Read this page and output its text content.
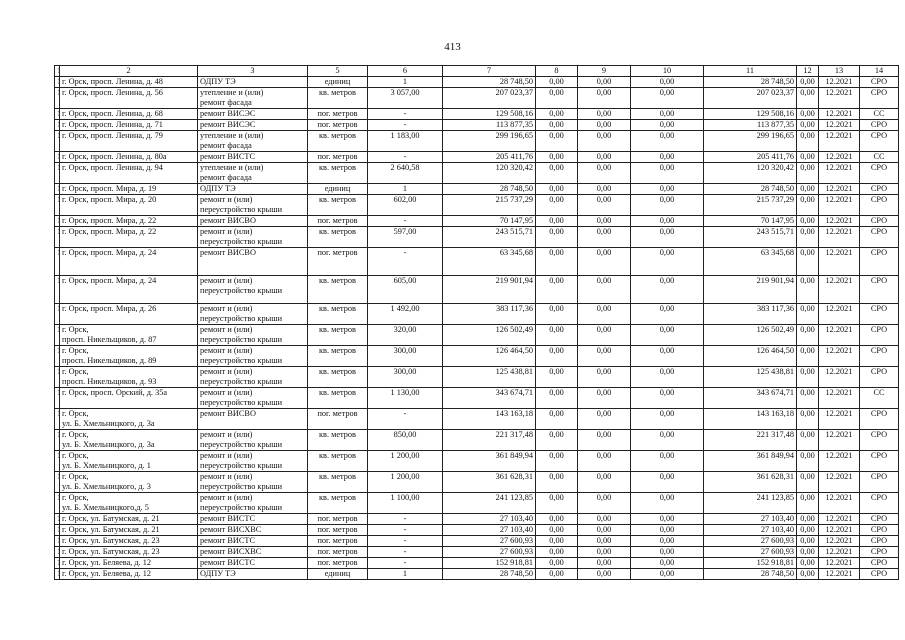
413
	2	3	5	6	7	8	9	10	11	12	13	14
	г. Орск, просп. Ленина, д. 48	ОДПУ ТЭ	единиц	1	28 748,50	0,00	0,00	0,00	28 748,50	0,00	12.2021	СРО
	г. Орск, просп. Ленина, д. 56	утепление и (или)
ремонт фасада	кв. метров	3 057,00	207 023,37	0,00	0,00	0,00	207 023,37	0,00	12.2021	СРО
	г. Орск, просп. Ленина, д. 68	ремонт ВИСЭС	пог. метров	-	129 508,16	0,00	0,00	0,00	129 508,16	0,00	12.2021	СС
	г. Орск, просп. Ленина, д. 71	ремонт ВИСЭС	пог. метров	-	113 877,35	0,00	0,00	0,00	113 877,35	0,00	12.2021	СРО
	г. Орск, просп. Ленина, д. 79	утепление и (или)
ремонт фасада	кв. метров	1 183,00	299 196,65	0,00	0,00	0,00	299 196,65	0,00	12.2021	СРО
	г. Орск, просп. Ленина, д. 80а	ремонт ВИСТС	пог. метров	-	205 411,76	0,00	0,00	0,00	205 411,76	0,00	12.2021	СС
	г. Орск, просп. Ленина, д. 94	утепление и (или)
ремонт фасада	кв. метров	2 640,58	120 320,42	0,00	0,00	0,00	120 320,42	0,00	12.2021	СРО
	г. Орск, просп. Мира, д. 19	ОДПУ ТЭ	единиц	1	28 748,50	0,00	0,00	0,00	28 748,50	0,00	12.2021	СРО
	г. Орск, просп. Мира, д. 20	ремонт и (или)
переустройство крыши	кв. метров	602,00	215 737,29	0,00	0,00	0,00	215 737,29	0,00	12.2021	СРО
	г. Орск, просп. Мира, д. 22	ремонт ВИСВО	пог. метров	-	70 147,95	0,00	0,00	0,00	70 147,95	0,00	12.2021	СРО
	г. Орск, просп. Мира, д. 22	ремонт и (или)
переустройство крыши	кв. метров	597,00	243 515,71	0,00	0,00	0,00	243 515,71	0,00	12.2021	СРО
	г. Орск, просп. Мира, д. 24	ремонт ВИСВО	пог. метров	-	63 345,68	0,00	0,00	0,00	63 345,68	0,00	12.2021	СРО
	г. Орск, просп. Мира, д. 24	ремонт и (или)
переустройство крыши	кв. метров	605,00	219 901,94	0,00	0,00	0,00	219 901,94	0,00	12.2021	СРО
	г. Орск, просп. Мира, д. 26	ремонт и (или)
переустройство крыши	кв. метров	1 492,00	383 117,36	0,00	0,00	0,00	383 117,36	0,00	12.2021	СРО
	г. Орск,
просп. Никельщиков, д. 87	ремонт и (или)
переустройство крыши	кв. метров	320,00	126 502,49	0,00	0,00	0,00	126 502,49	0,00	12.2021	СРО
	г. Орск,
просп. Никельщиков, д. 89	ремонт и (или)
переустройство крыши	кв. метров	300,00	126 464,50	0,00	0,00	0,00	126 464,50	0,00	12.2021	СРО
	г. Орск,
просп. Никельщиков, д. 93	ремонт и (или)
переустройство крыши	кв. метров	300,00	125 438,81	0,00	0,00	0,00	125 438,81	0,00	12.2021	СРО
	г. Орск, просп. Орский, д. 35а	ремонт и (или)
переустройство крыши	кв. метров	1 130,00	343 674,71	0,00	0,00	0,00	343 674,71	0,00	12.2021	СС
	г. Орск,
ул. Б. Хмельницкого, д. 3а	ремонт ВИСВО	пог. метров	-	143 163,18	0,00	0,00	0,00	143 163,18	0,00	12.2021	СРО
	г. Орск,
ул. Б. Хмельницкого, д. 3а	ремонт и (или)
переустройство крыши	кв. метров	850,00	221 317,48	0,00	0,00	0,00	221 317,48	0,00	12.2021	СРО
	г. Орск,
ул. Б. Хмельницкого, д. 1	ремонт и (или)
переустройство крыши	кв. метров	1 200,00	361 849,94	0,00	0,00	0,00	361 849,94	0,00	12.2021	СРО
	г. Орск,
ул. Б. Хмельницкого, д. 3	ремонт и (или)
переустройство крыши	кв. метров	1 200,00	361 628,31	0,00	0,00	0,00	361 628,31	0,00	12.2021	СРО
	г. Орск,
ул. Б. Хмельницкого,д. 5	ремонт и (или)
переустройство крыши	кв. метров	1 100,00	241 123,85	0,00	0,00	0,00	241 123,85	0,00	12.2021	СРО
	г. Орск, ул. Батумская, д. 21	ремонт ВИСТС	пог. метров	-	27 103,40	0,00	0,00	0,00	27 103,40	0,00	12.2021	СРО
	г. Орск, ул. Батумская, д. 21	ремонт ВИСХВС	пог. метров	-	27 103,40	0,00	0,00	0,00	27 103,40	0,00	12.2021	СРО
	г. Орск, ул. Батумская, д. 23	ремонт ВИСТС	пог. метров	-	27 600,93	0,00	0,00	0,00	27 600,93	0,00	12.2021	СРО
	г. Орск, ул. Батумская, д. 23	ремонт ВИСХВС	пог. метров	-	27 600,93	0,00	0,00	0,00	27 600,93	0,00	12.2021	СРО
	г. Орск, ул. Беляева, д. 12	ремонт ВИСТС	пог. метров	-	152 918,81	0,00	0,00	0,00	152 918,81	0,00	12.2021	СРО
	г. Орск, ул. Беляева, д. 12	ОДПУ ТЭ	единиц	1	28 748,50	0,00	0,00	0,00	28 748,50	0,00	12.2021	СРО
